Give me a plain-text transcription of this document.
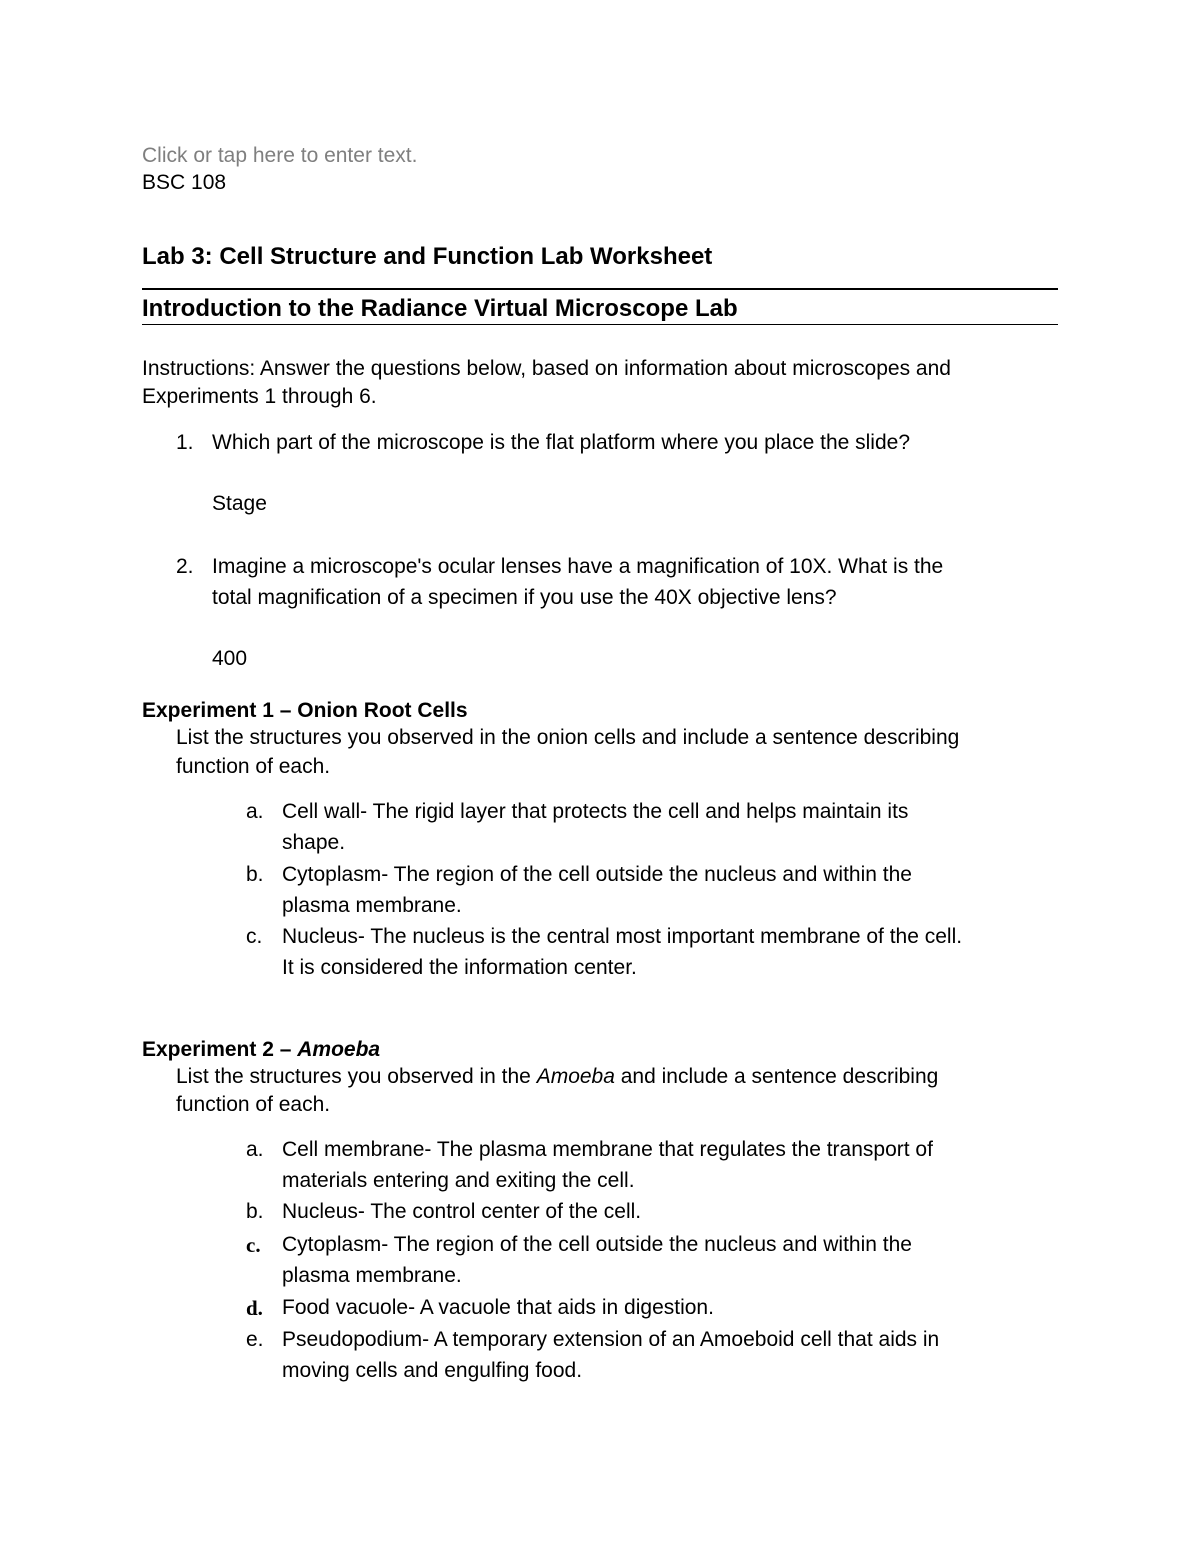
Click or tap here to enter text.
BSC 108
Lab 3: Cell Structure and Function Lab Worksheet
Introduction to the Radiance Virtual Microscope Lab
Instructions: Answer the questions below, based on information about microscopes and
Experiments 1 through 6.
1. Which part of the microscope is the flat platform where you place the slide?
Stage
2. Imagine a microscope's ocular lenses have a magnification of 10X. What is the
total magnification of a specimen if you use the 40X objective lens?
400
Experiment 1 – Onion Root Cells
List the structures you observed in the onion cells and include a sentence describing
function of each.
a. Cell wall- The rigid layer that protects the cell and helps maintain its
shape.
b. Cytoplasm- The region of the cell outside the nucleus and within the
plasma membrane.
c. Nucleus- The nucleus is the central most important membrane of the cell.
It is considered the information center.
Experiment 2 – Amoeba
List the structures you observed in the Amoeba and include a sentence describing
function of each.
a. Cell membrane- The plasma membrane that regulates the transport of
materials entering and exiting the cell.
b. Nucleus- The control center of the cell.
c. Cytoplasm- The region of the cell outside the nucleus and within the
plasma membrane.
d. Food vacuole- A vacuole that aids in digestion.
e. Pseudopodium- A temporary extension of an Amoeboid cell that aids in
moving cells and engulfing food.
